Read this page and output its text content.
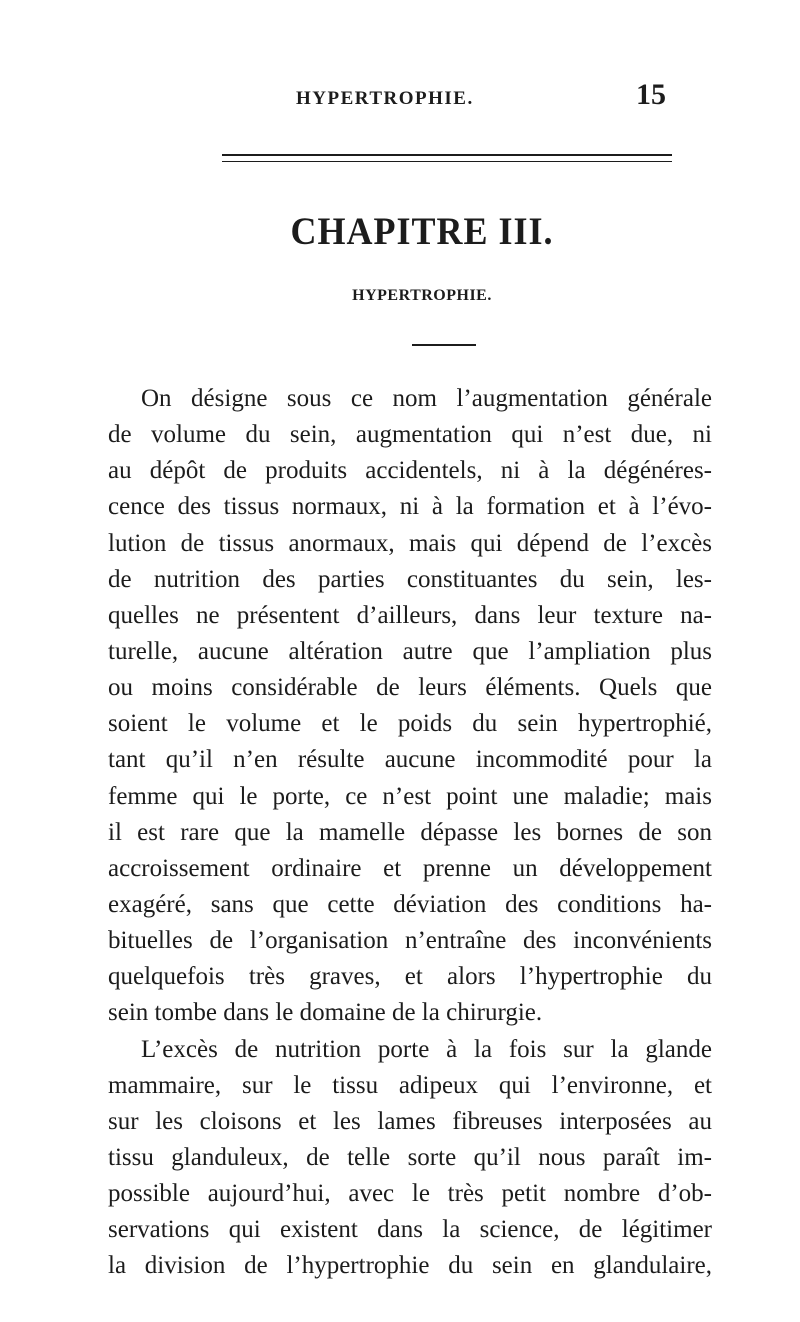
HYPERTROPHIE.	15
CHAPITRE III.
HYPERTROPHIE.
On désigne sous ce nom l’augmentation générale
de volume du sein, augmentation qui n’est due, ni
au dépôt de produits accidentels, ni à la dégénéres-
cence des tissus normaux, ni à la formation et à l’évo-
lution de tissus anormaux, mais qui dépend de l’excès
de nutrition des parties constituantes du sein, les-
quelles ne présentent d’ailleurs, dans leur texture na-
turelle, aucune altération autre que l’ampliation plus
ou moins considérable de leurs éléments. Quels que
soient le volume et le poids du sein hypertrophié,
tant qu’il n’en résulte aucune incommodité pour la
femme qui le porte, ce n’est point une maladie; mais
il est rare que la mamelle dépasse les bornes de son
accroissement ordinaire et prenne un développement
exagéré, sans que cette déviation des conditions ha-
bituelles de l’organisation n’entraîne des inconvénients
quelquefois très graves, et alors l’hypertrophie du
sein tombe dans le domaine de la chirurgie.
L’excès de nutrition porte à la fois sur la glande
mammaire, sur le tissu adipeux qui l’environne, et
sur les cloisons et les lames fibreuses interposées au
tissu glanduleux, de telle sorte qu’il nous paraît im-
possible aujourd’hui, avec le très petit nombre d’ob-
servations qui existent dans la science, de légitimer
la division de l’hypertrophie du sein en glandulaire,
